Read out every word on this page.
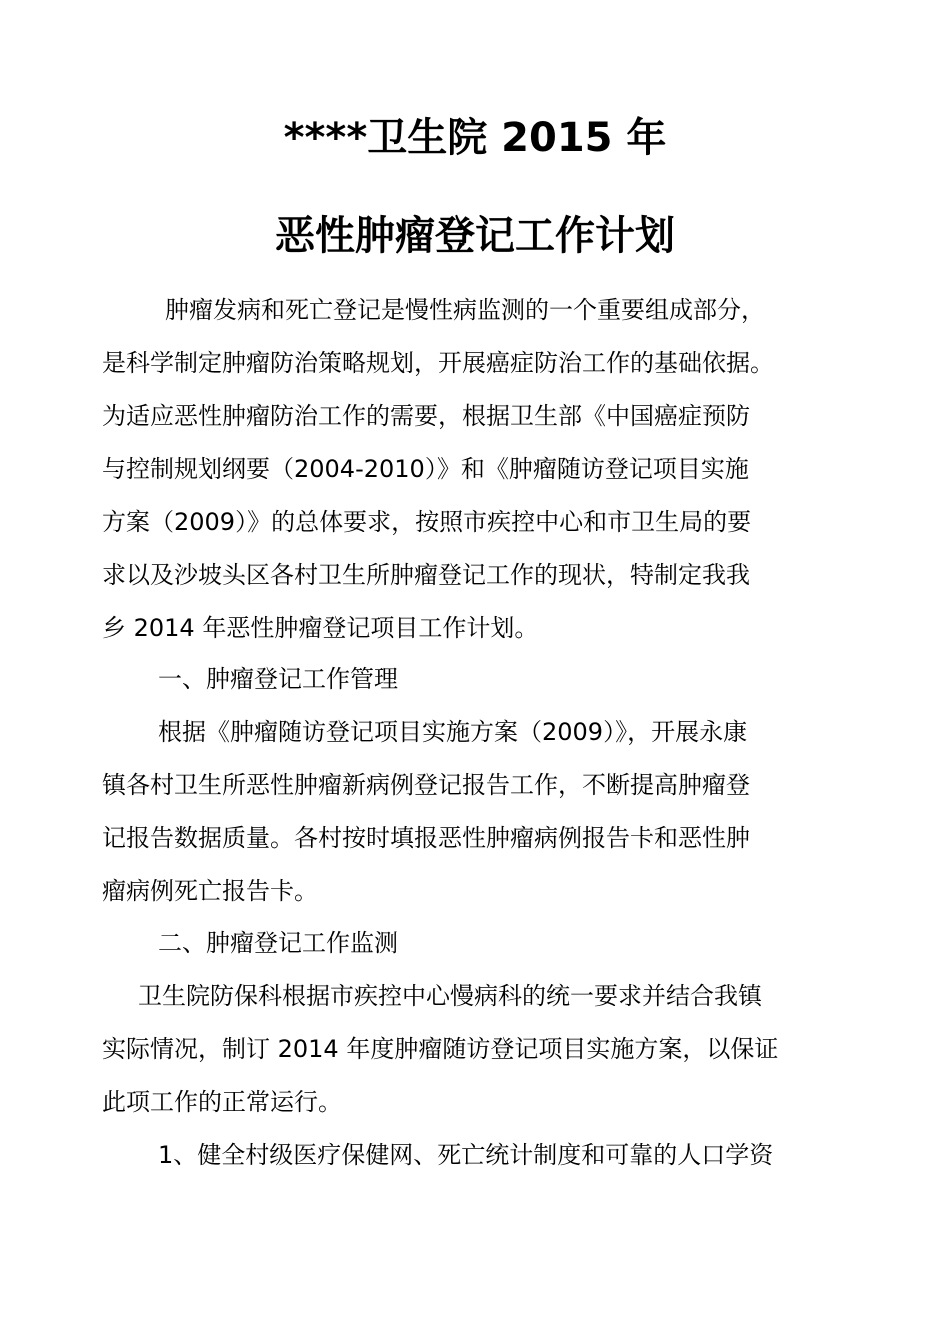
****卫生院 2015 年
恶性肿瘤登记工作计划
肿瘤发病和死亡登记是慢性病监测的一个重要组成部分，
是科学制定肿瘤防治策略规划，开展癌症防治工作的基础依据。
为适应恶性肿瘤防治工作的需要，根据卫生部《中国癌症预防
与控制规划纲要（2004-2010）》和《肿瘤随访登记项目实施
方案（2009）》的总体要求，按照市疾控中心和市卫生局的要
求以及沙坡头区各村卫生所肿瘤登记工作的现状，特制定我我
乡 2014 年恶性肿瘤登记项目工作计划。
一、肿瘤登记工作管理
根据《肿瘤随访登记项目实施方案（2009）》，开展永康
镇各村卫生所恶性肿瘤新病例登记报告工作，不断提高肿瘤登
记报告数据质量。各村按时填报恶性肿瘤病例报告卡和恶性肿
瘤病例死亡报告卡。
二、肿瘤登记工作监测
卫生院防保科根据市疾控中心慢病科的统一要求并结合我镇
实际情况，制订 2014 年度肿瘤随访登记项目实施方案，以保证
此项工作的正常运行。
1、健全村级医疗保健网、死亡统计制度和可靠的人口学资
